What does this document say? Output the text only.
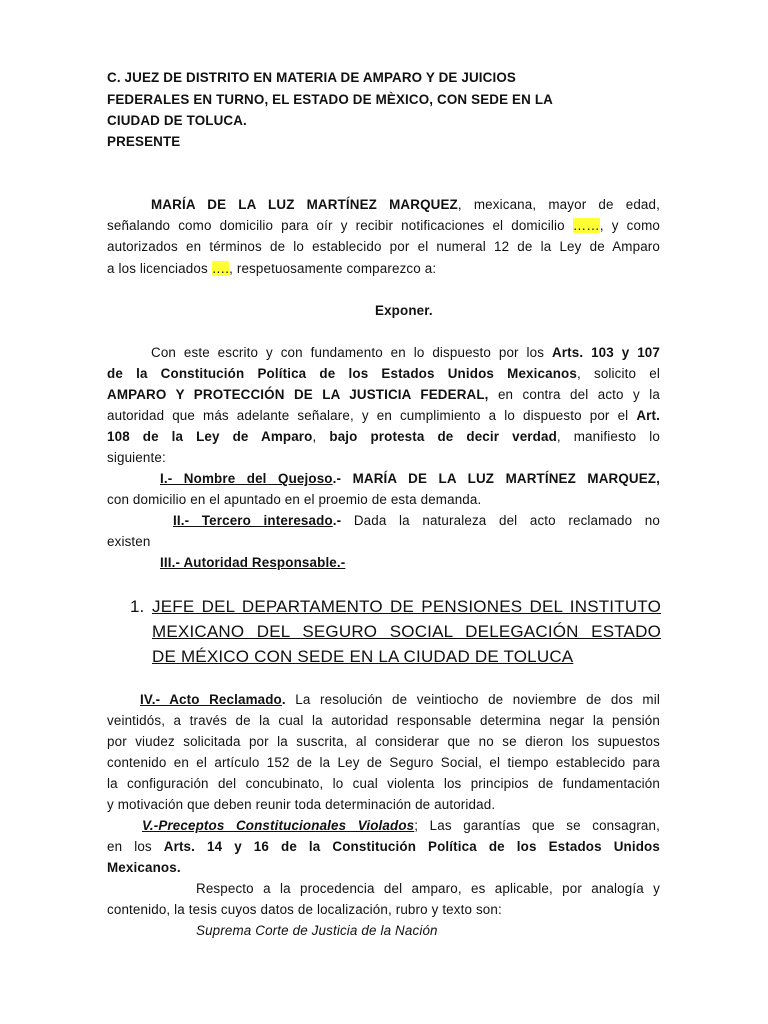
C. JUEZ DE DISTRITO EN MATERIA DE AMPARO Y DE JUICIOS
FEDERALES EN TURNO, EL ESTADO DE MÈXICO, CON SEDE EN LA
CIUDAD DE TOLUCA.
PRESENTE
MARÍA DE LA LUZ MARTÍNEZ MARQUEZ, mexicana, mayor de edad,
señalando como domicilio para oír y recibir notificaciones el domicilio ……, y como
autorizados en términos de lo establecido por el numeral 12 de la Ley de Amparo
a los licenciados …., respetuosamente comparezco a:
Exponer.
Con este escrito y con fundamento en lo dispuesto por los Arts. 103 y 107
de la Constitución Política de los Estados Unidos Mexicanos, solicito el
AMPARO Y PROTECCIÓN DE LA JUSTICIA FEDERAL, en contra del acto y la
autoridad que más adelante señalare, y en cumplimiento a lo dispuesto por el Art.
108 de la Ley de Amparo, bajo protesta de decir verdad, manifiesto lo
siguiente:
I.- Nombre del Quejoso.- MARÍA DE LA LUZ MARTÍNEZ MARQUEZ,
con domicilio en el apuntado en el proemio de esta demanda.
II.- Tercero interesado.- Dada la naturaleza del acto reclamado no
existen
III.- Autoridad Responsable.-
1. JEFE DEL DEPARTAMENTO DE PENSIONES DEL INSTITUTO
MEXICANO DEL SEGURO SOCIAL DELEGACIÓN ESTADO
DE MÉXICO CON SEDE EN LA CIUDAD DE TOLUCA
IV.- Acto Reclamado. La resolución de veintiocho de noviembre de dos mil
veintidós, a través de la cual la autoridad responsable determina negar la pensión
por viudez solicitada por la suscrita, al considerar que no se dieron los supuestos
contenido en el artículo 152 de la Ley de Seguro Social, el tiempo establecido para
la configuración del concubinato, lo cual violenta los principios de fundamentación
y motivación que deben reunir toda determinación de autoridad.
V.-Preceptos Constitucionales Violados; Las garantías que se consagran,
en los Arts. 14 y 16 de la Constitución Política de los Estados Unidos
Mexicanos.
Respecto a la procedencia del amparo, es aplicable, por analogía y
contenido, la tesis cuyos datos de localización, rubro y texto son:
Suprema Corte de Justicia de la Nación
